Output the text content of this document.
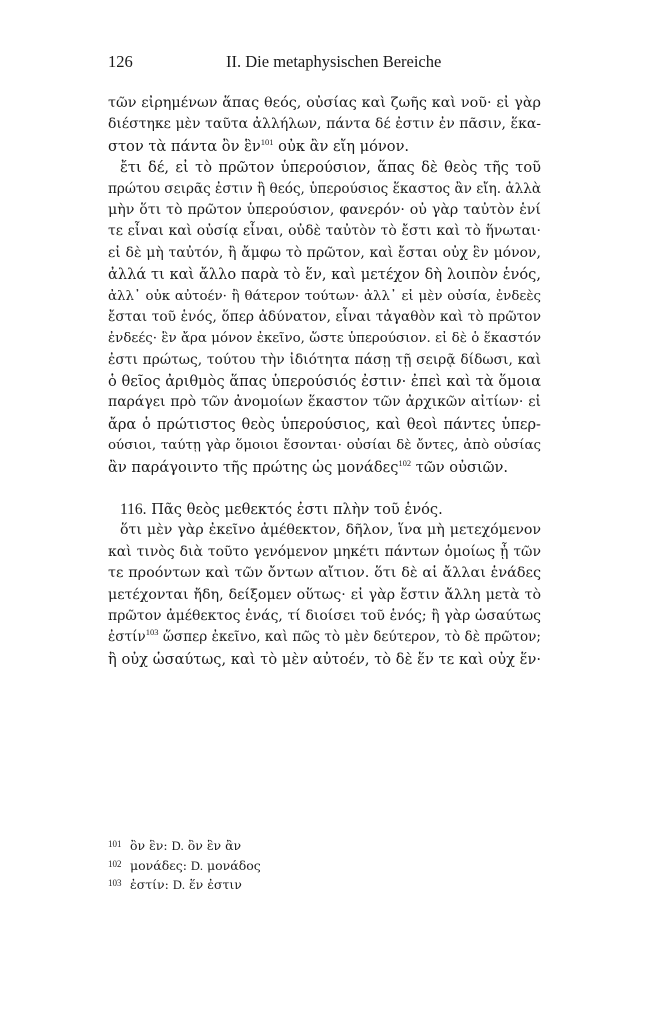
126	II. Die metaphysischen Bereiche
τῶν εἰρημένων ἅπας θεός, οὐσίας καὶ ζωῆς καὶ νοῦ· εἰ γὰρ
διέστηκε μὲν ταῦτα ἀλλήλων, πάντα δέ ἐστιν ἐν πᾶσιν, ἕκα-
στον τὰ πάντα ὂν ἓν$^{101}$ οὐκ ἂν εἴη μόνον.
ἔτι δέ, εἰ τὸ πρῶτον ὑπερούσιον, ἅπας δὲ θεὸς τῆς τοῦ
πρώτου σειρᾶς ἐστιν ἢ θεός, ὑπερούσιος ἕκαστος ἂν εἴη. ἀλλὰ
μὴν ὅτι τὸ πρῶτον ὑπερούσιον, φανερόν· οὐ γὰρ ταὐτὸν ἑνί
τε εἶναι καὶ οὐσίᾳ εἶναι, οὐδὲ ταὐτὸν τὸ ἔστι καὶ τὸ ἥνωται·
εἰ δὲ μὴ ταὐτόν, ἢ ἄμφω τὸ πρῶτον, καὶ ἔσται οὐχ ἓν μόνον,
ἀλλά τι καὶ ἄλλο παρὰ τὸ ἕν, καὶ μετέχον δὴ λοιπὸν ἑνός,
ἀλλ᾽ οὐκ αὐτοέν· ἢ θάτερον τούτων· ἀλλ᾽ εἰ μὲν οὐσία, ἐνδεὲς
ἔσται τοῦ ἑνός, ὅπερ ἀδύνατον, εἶναι τἀγαθὸν καὶ τὸ πρῶτον
ἐνδεές· ἓν ἄρα μόνον ἐκεῖνο, ὥστε ὑπερούσιον. εἰ δὲ ὁ ἕκαστόν
ἐστι πρώτως, τούτου τὴν ἰδιότητα πάσῃ τῇ σειρᾷ δίδωσι, καὶ
ὁ θεῖος ἀριθμὸς ἅπας ὑπερούσιός ἐστιν· ἐπεὶ καὶ τὰ ὅμοια
παράγει πρὸ τῶν ἀνομοίων ἕκαστον τῶν ἀρχικῶν αἰτίων· εἰ
ἄρα ὁ πρώτιστος θεὸς ὑπερούσιος, καὶ θεοὶ πάντες ὑπερ-
ούσιοι, ταύτῃ γὰρ ὅμοιοι ἔσονται· οὐσίαι δὲ ὄντες, ἀπὸ οὐσίας
ἂν παράγοιντο τῆς πρώτης ὡς μονάδες$^{102}$ τῶν οὐσιῶν.
116. Πᾶς θεὸς μεθεκτός ἐστι πλὴν τοῦ ἑνός.
ὅτι μὲν γὰρ ἐκεῖνο ἀμέθεκτον, δῆλον, ἵνα μὴ μετεχόμενον
καὶ τινὸς διὰ τοῦτο γενόμενον μηκέτι πάντων ὁμοίως ᾖ τῶν
τε προόντων καὶ τῶν ὄντων αἴτιον. ὅτι δὲ αἱ ἄλλαι ἑνάδες
μετέχονται ἤδη, δείξομεν οὕτως· εἰ γὰρ ἔστιν ἄλλη μετὰ τὸ
πρῶτον ἀμέθεκτος ἑνάς, τί διοίσει τοῦ ἑνός; ἢ γὰρ ὡσαύτως
ἐστίν$^{103}$ ὥσπερ ἐκεῖνο, καὶ πῶς τὸ μὲν δεύτερον, τὸ δὲ πρῶτον;
ἢ οὐχ ὡσαύτως, καὶ τὸ μὲν αὐτοέν, τὸ δὲ ἕν τε καὶ οὐχ ἕν·
101 ὂν ἓν: D. ὂν ἓν ἂν
102 μονάδες: D. μονάδος
103 ἐστίν: D. ἕν ἐστιν
